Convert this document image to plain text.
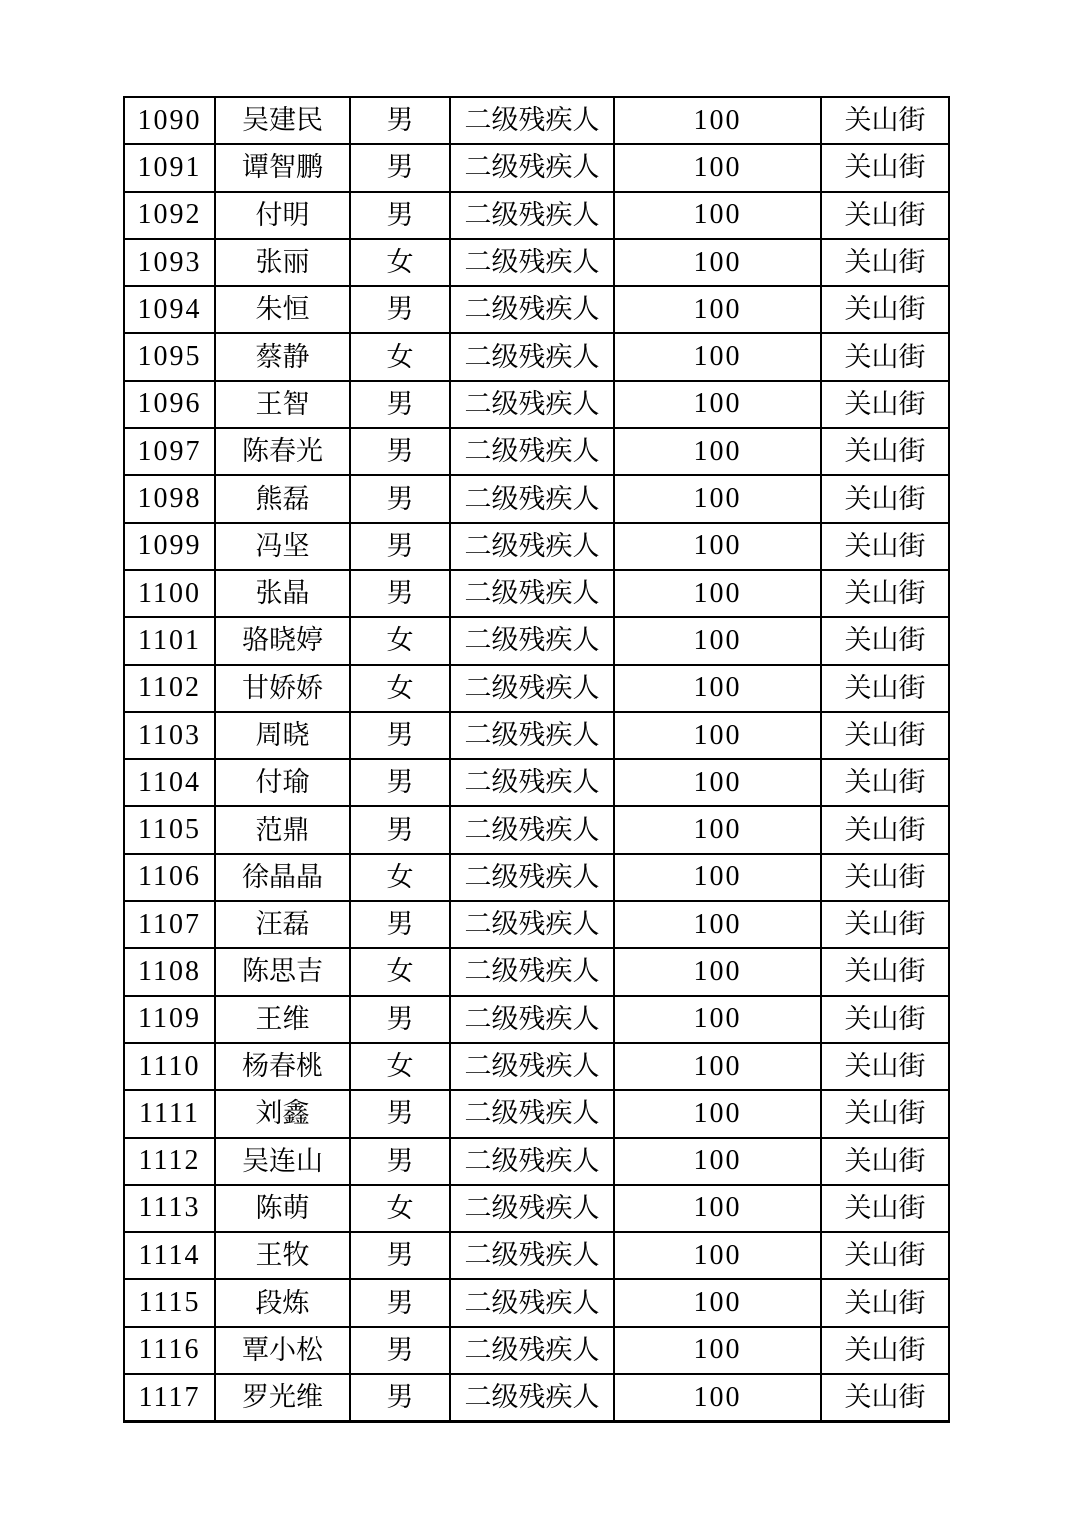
1090	吴建民	男	二级残疾人	100	关山街
1091	谭智鹏	男	二级残疾人	100	关山街
1092	付明	男	二级残疾人	100	关山街
1093	张丽	女	二级残疾人	100	关山街
1094	朱恒	男	二级残疾人	100	关山街
1095	蔡静	女	二级残疾人	100	关山街
1096	王智	男	二级残疾人	100	关山街
1097	陈春光	男	二级残疾人	100	关山街
1098	熊磊	男	二级残疾人	100	关山街
1099	冯坚	男	二级残疾人	100	关山街
1100	张晶	男	二级残疾人	100	关山街
1101	骆晓婷	女	二级残疾人	100	关山街
1102	甘娇娇	女	二级残疾人	100	关山街
1103	周晓	男	二级残疾人	100	关山街
1104	付瑜	男	二级残疾人	100	关山街
1105	范鼎	男	二级残疾人	100	关山街
1106	徐晶晶	女	二级残疾人	100	关山街
1107	汪磊	男	二级残疾人	100	关山街
1108	陈思吉	女	二级残疾人	100	关山街
1109	王维	男	二级残疾人	100	关山街
1110	杨春桃	女	二级残疾人	100	关山街
1111	刘鑫	男	二级残疾人	100	关山街
1112	吴连山	男	二级残疾人	100	关山街
1113	陈萌	女	二级残疾人	100	关山街
1114	王牧	男	二级残疾人	100	关山街
1115	段炼	男	二级残疾人	100	关山街
1116	覃小松	男	二级残疾人	100	关山街
1117	罗光维	男	二级残疾人	100	关山街
